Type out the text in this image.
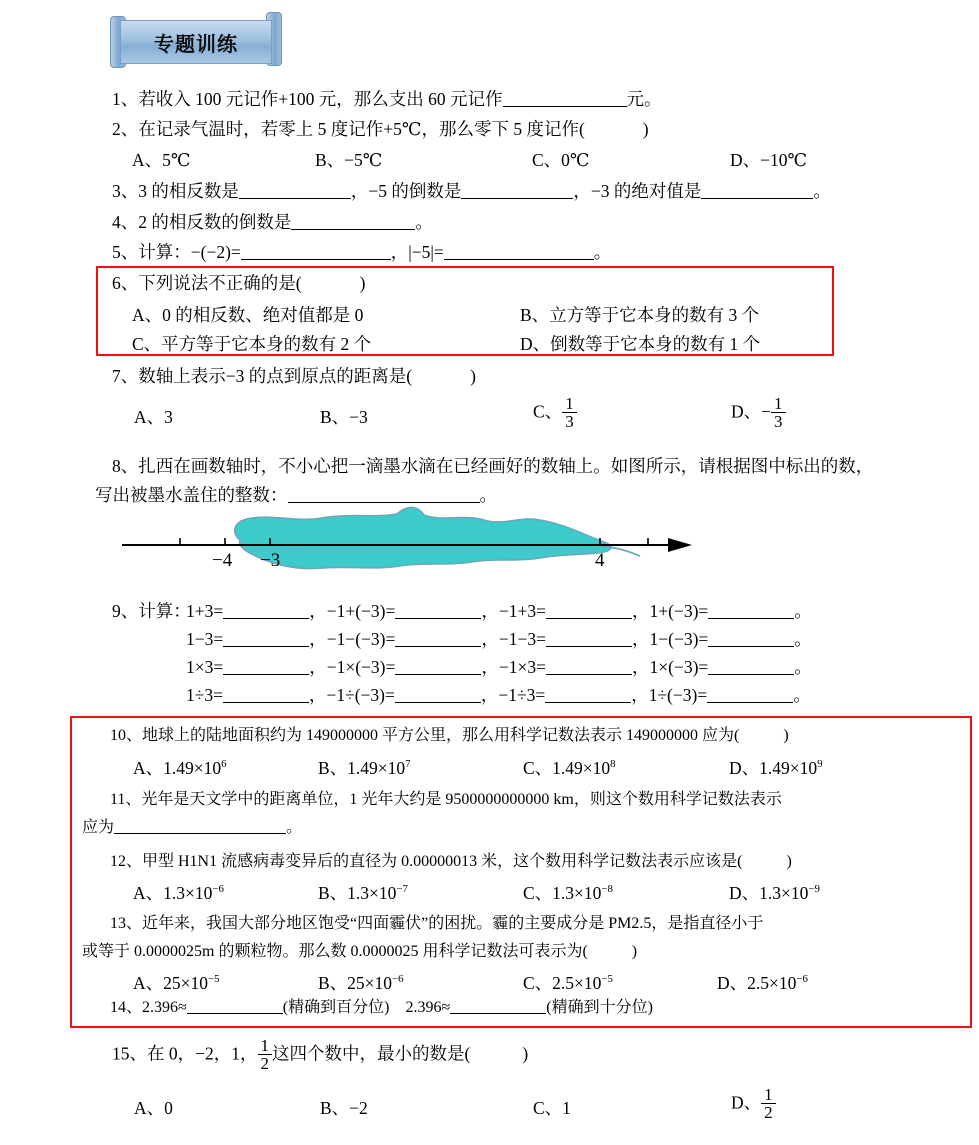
专题训练
1、若收入 100 元记作+100 元，那么支出 60 元记作	元。
2、在记录气温时，若零上 5 度记作+5℃，那么零下 5 度记作(	)
A、5℃	B、−5℃	C、0℃	D、−10℃
3、3 的相反数是	，−5 的倒数是	，−3 的绝对值是	。
4、2 的相反数的倒数是	。
5、计算：−(−2)=	，|−5|=	。
6、下列说法不正确的是(	)
A、0 的相反数、绝对值都是 0	B、立方等于它本身的数有 3 个
C、平方等于它本身的数有 2 个	D、倒数等于它本身的数有 1 个
7、数轴上表示−3 的点到原点的距离是(	)
A、3	B、−3	C、 $\frac{1}{3}$	D、− $\frac{1}{3}$
8、扎西在画数轴时，不小心把一滴墨水滴在已经画好的数轴上。如图所示，请根据图中标出的数，
写出被墨水盖住的整数：	。
−4 −3	4
9、计算：
1+3=	，−1+(−3)=	，−1+3=	，1+(−3)=	。
1−3=	，−1−(−3)=	，−1−3=	，1−(−3)=	。
1×3=	，−1×(−3)=	，−1×3=	，1×(−3)=	。
1÷3=	，−1÷(−3)=	，−1÷3=	，1÷(−3)=	。
10、地球上的陆地面积约为 149000000 平方公里，那么用科学记数法表示 149000000 应为(	)
A、$1.49\times 10^6$	B、$1.49\times 10^7$	C、$1.49\times 10^8$	D、$1.49\times 10^9$
11、光年是天文学中的距离单位，1 光年大约是 9500000000000 km，则这个数用科学记数法表示
应为	。
12、甲型 H1N1 流感病毒变异后的直径为 0.00000013 米，这个数用科学记数法表示应该是(	)
A、$1.3\times 10^{-6}$	B、$1.3\times 10^{-7}$	C、$1.3\times 10^{-8}$	D、$1.3\times 10^{-9}$
13、近年来，我国大部分地区饱受“四面霾伏”的困扰。霾的主要成分是 PM2.5，是指直径小于
或等于 0.0000025m 的颗粒物。那么数 0.0000025 用科学记数法可表示为(	)
A、$25\times 10^{-5}$	B、$25\times 10^{-6}$	C、$2.5\times 10^{-5}$	D、$2.5\times 10^{-6}$
14、2.396≈	(精确到百分位) 2.396≈	(精确到十分位)
15、在 0，−2，1， $\frac{1}{2}$ 这四个数中，最小的数是(	)
A、0	B、−2	C、1	D、 $\frac{1}{2}$
